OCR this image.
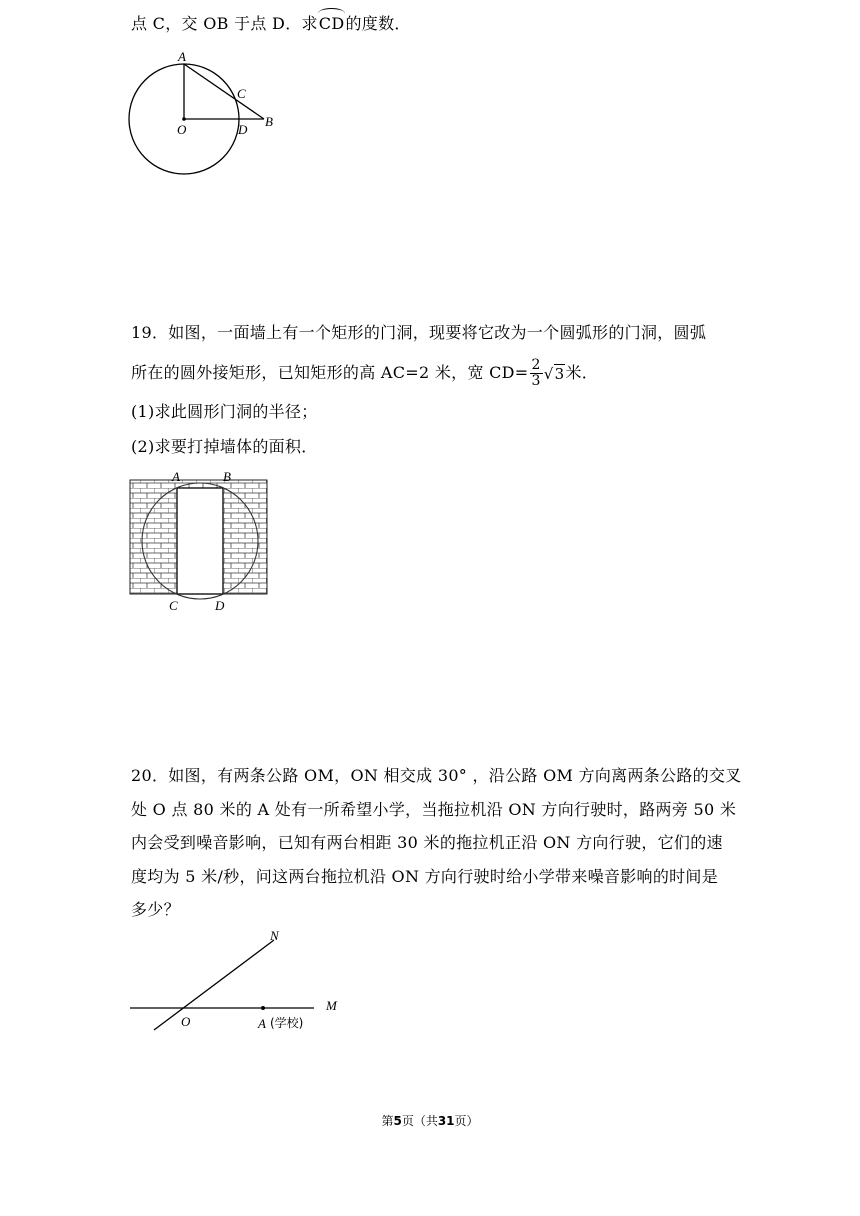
点 C，交 OB 于点 D．求CD的度数．
A
C
O	D
B
19．如图，一面墙上有一个矩形的门洞，现要将它改为一个圆弧形的门洞，圆弧
所在的圆外接矩形，已知矩形的高 AC=2 米，宽 $CD= \frac{2}{3} √3$米．
(1)求此圆形门洞的半径；
(2)求要打掉墙体的面积．
A	B
C	D
20．如图，有两条公路 OM，ON 相交成 30° ，沿公路 OM 方向离两条公路的交叉
处 O 点 80 米的 A 处有一所希望小学，当拖拉机沿 ON 方向行驶时，路两旁 50 米
内会受到噪音影响，已知有两台相距 30 米的拖拉机正沿 ON 方向行驶，它们的速
度均为 5 米/秒，问这两台拖拉机沿 ON 方向行驶时给小学带来噪音影响的时间是
多少？
N
M
O	A (学校)
第5页（共31页）
